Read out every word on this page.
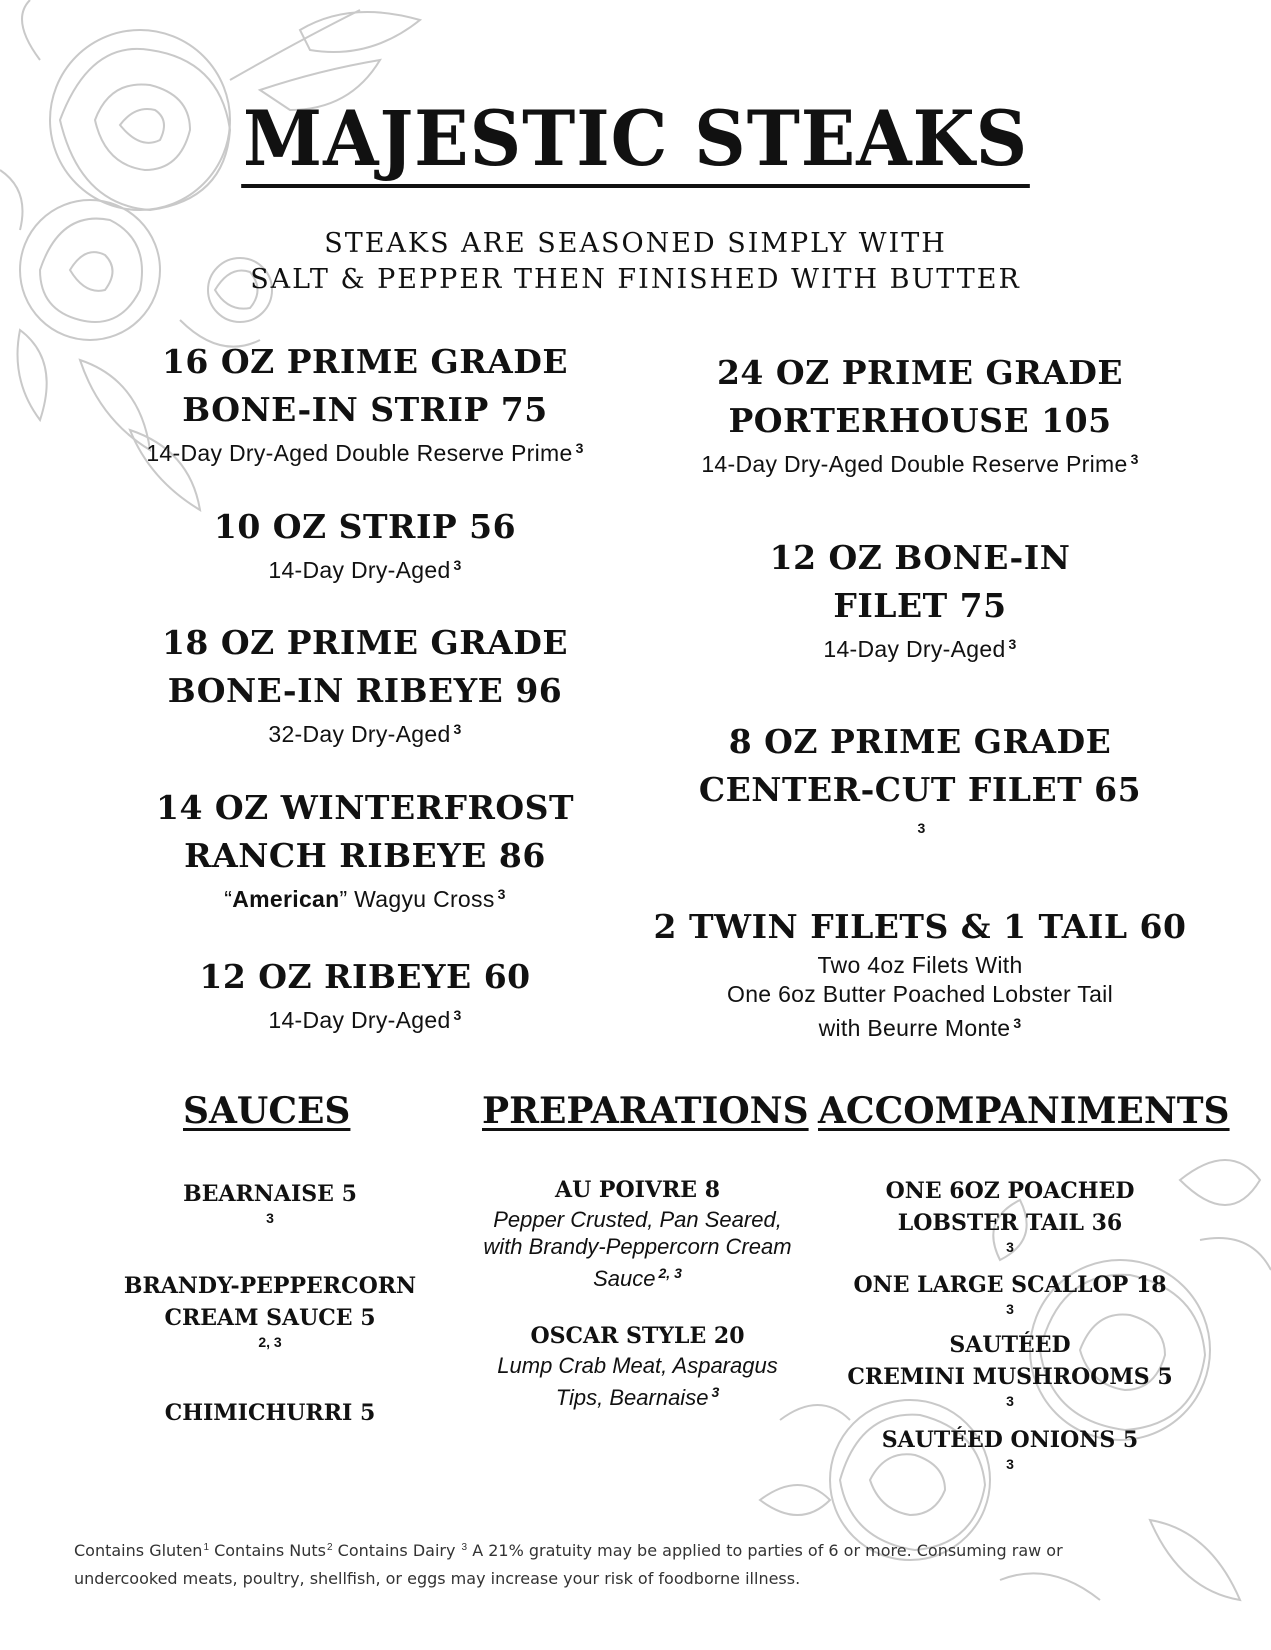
MAJESTIC STEAKS
STEAKS ARE SEASONED SIMPLY WITH
SALT & PEPPER THEN FINISHED WITH BUTTER
16 OZ PRIME GRADE
BONE-IN STRIP 75
14-Day Dry-Aged Double Reserve Prime $^3$
10 OZ STRIP 56
14-Day Dry-Aged $^3$
18 OZ PRIME GRADE
BONE-IN RIBEYE 96
32-Day Dry-Aged $^3$
14 OZ WINTERFROST
RANCH RIBEYE 86
“American” Wagyu Cross $^3$
12 OZ RIBEYE 60
14-Day Dry-Aged $^3$
24 OZ PRIME GRADE
PORTERHOUSE 105
14-Day Dry-Aged Double Reserve Prime $^3$
12 OZ BONE-IN
FILET 75
14-Day Dry-Aged $^3$
8 OZ PRIME GRADE
CENTER-CUT FILET 65
$^3$
2 TWIN FILETS & 1 TAIL 60
Two 4oz Filets With
One 6oz Butter Poached Lobster Tail
with Beurre Monte $^3$
SAUCES	PREPARATIONS ACCOMPANIMENTS
BEARNAISE 5
3
BRANDY-PEPPERCORN
CREAM SAUCE 5
2, 3
CHIMICHURRI 5
AU POIVRE 8
Pepper Crusted, Pan Seared,
with Brandy-Peppercorn Cream
Sauce $^{2, 3}$
OSCAR STYLE 20
Lump Crab Meat, Asparagus
Tips, Bearnaise $^3$
ONE 6OZ POACHED
LOBSTER TAIL 36
3
ONE LARGE SCALLOP 18
3
SAUTÉED
CREMINI MUSHROOMS 5
3
SAUTÉED ONIONS 5
3
Contains Gluten$^1$ Contains Nuts$^2$ Contains Dairy $^3$ A 21% gratuity may be applied to parties of 6 or more. Consuming raw or
undercooked meats, poultry, shellfish, or eggs may increase your risk of foodborne illness.
